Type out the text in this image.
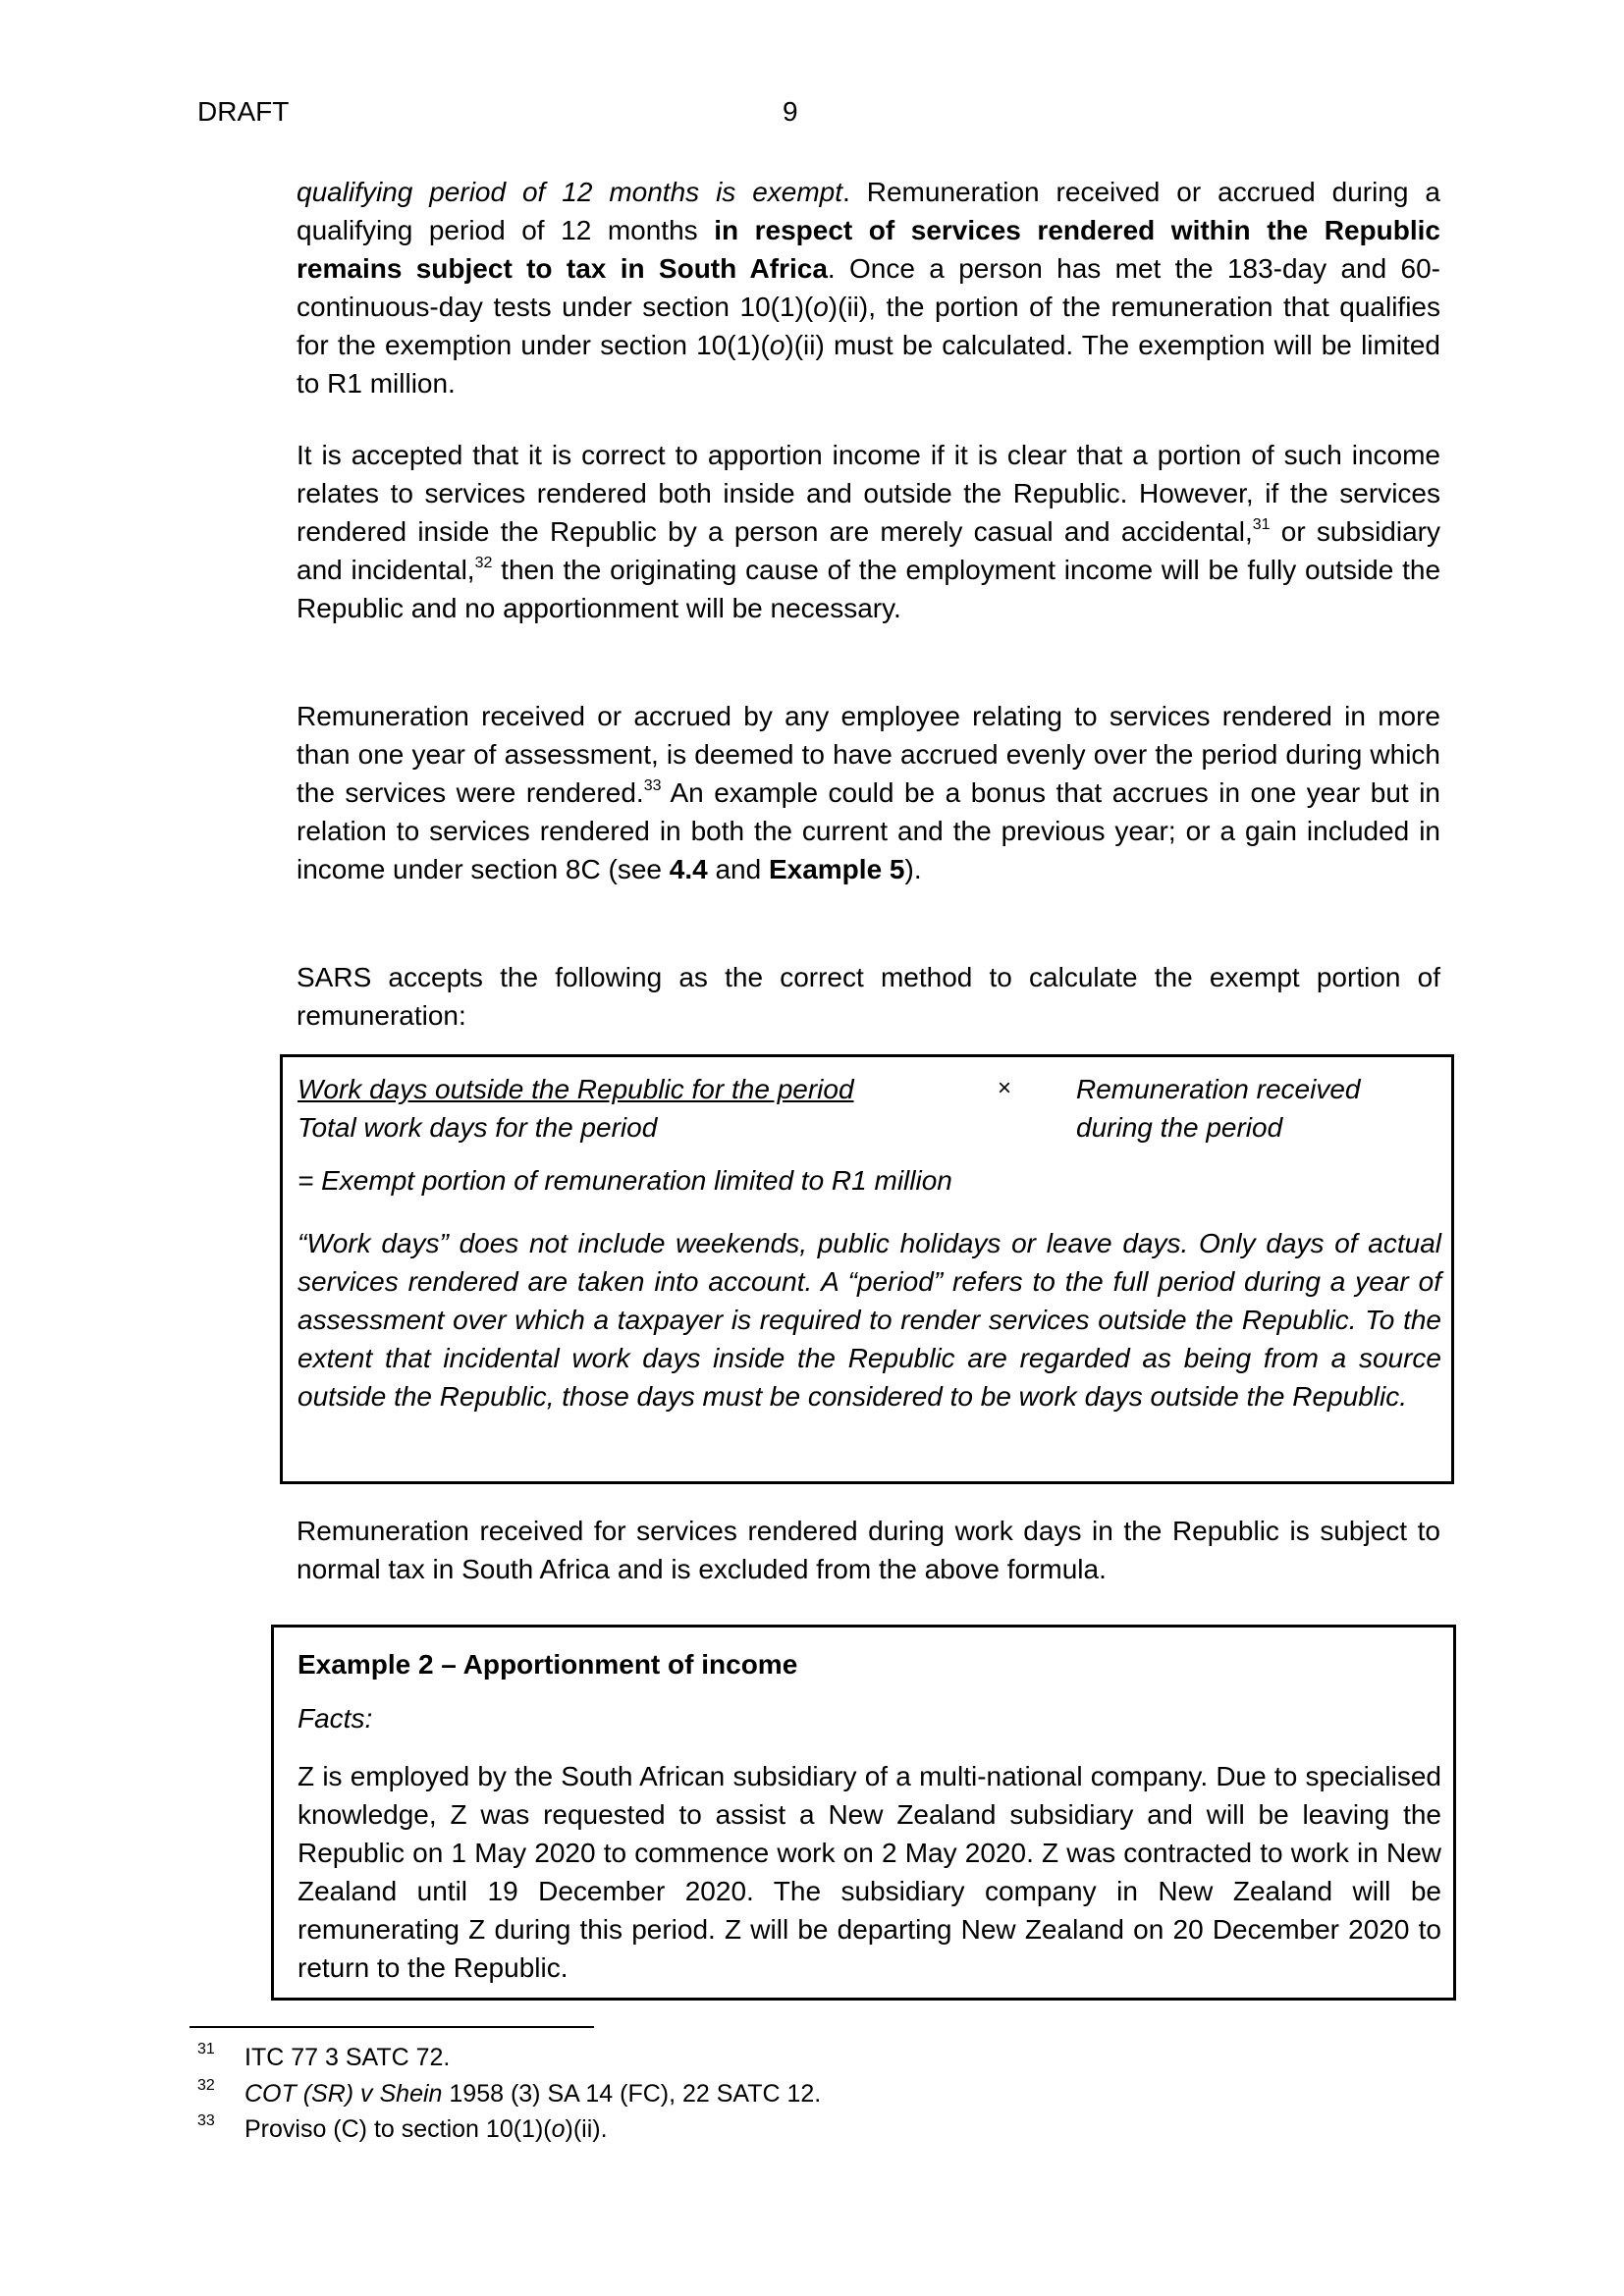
DRAFT	9

qualifying period of 12 months is exempt. Remuneration received or accrued during a qualifying period of 12 months in respect of services rendered within the Republic remains subject to tax in South Africa. Once a person has met the 183-day and 60-continuous-day tests under section 10(1)(o)(ii), the portion of the remuneration that qualifies for the exemption under section 10(1)(o)(ii) must be calculated. The exemption will be limited to R1 million.

It is accepted that it is correct to apportion income if it is clear that a portion of such income relates to services rendered both inside and outside the Republic. However, if the services rendered inside the Republic by a person are merely casual and accidental,$^{31}$ or subsidiary and incidental,$^{32}$ then the originating cause of the employment income will be fully outside the Republic and no apportionment will be necessary.

Remuneration received or accrued by any employee relating to services rendered in more than one year of assessment, is deemed to have accrued evenly over the period during which the services were rendered.$^{33}$ An example could be a bonus that accrues in one year but in relation to services rendered in both the current and the previous year; or a gain included in income under section 8C (see 4.4 and Example 5).

SARS accepts the following as the correct method to calculate the exempt portion of remuneration:

Work days outside the Republic for the period	× Remuneration received
Total work days for the period	during the period
= Exempt portion of remuneration limited to R1 million

“Work days” does not include weekends, public holidays or leave days. Only days of actual services rendered are taken into account. A “period” refers to the full period during a year of assessment over which a taxpayer is required to render services outside the Republic. To the extent that incidental work days inside the Republic are regarded as being from a source outside the Republic, those days must be considered to be work days outside the Republic.

Remuneration received for services rendered during work days in the Republic is subject to normal tax in South Africa and is excluded from the above formula.

Example 2 – Apportionment of income
Facts:

Z is employed by the South African subsidiary of a multi-national company. Due to specialised knowledge, Z was requested to assist a New Zealand subsidiary and will be leaving the Republic on 1 May 2020 to commence work on 2 May 2020. Z was contracted to work in New Zealand until 19 December 2020. The subsidiary company in New Zealand will be remunerating Z during this period. Z will be departing New Zealand on 20 December 2020 to return to the Republic.

31 ITC 77 3 SATC 72.
32 COT (SR) v Shein 1958 (3) SA 14 (FC), 22 SATC 12.
33 Proviso (C) to section 10(1)(o)(ii).
